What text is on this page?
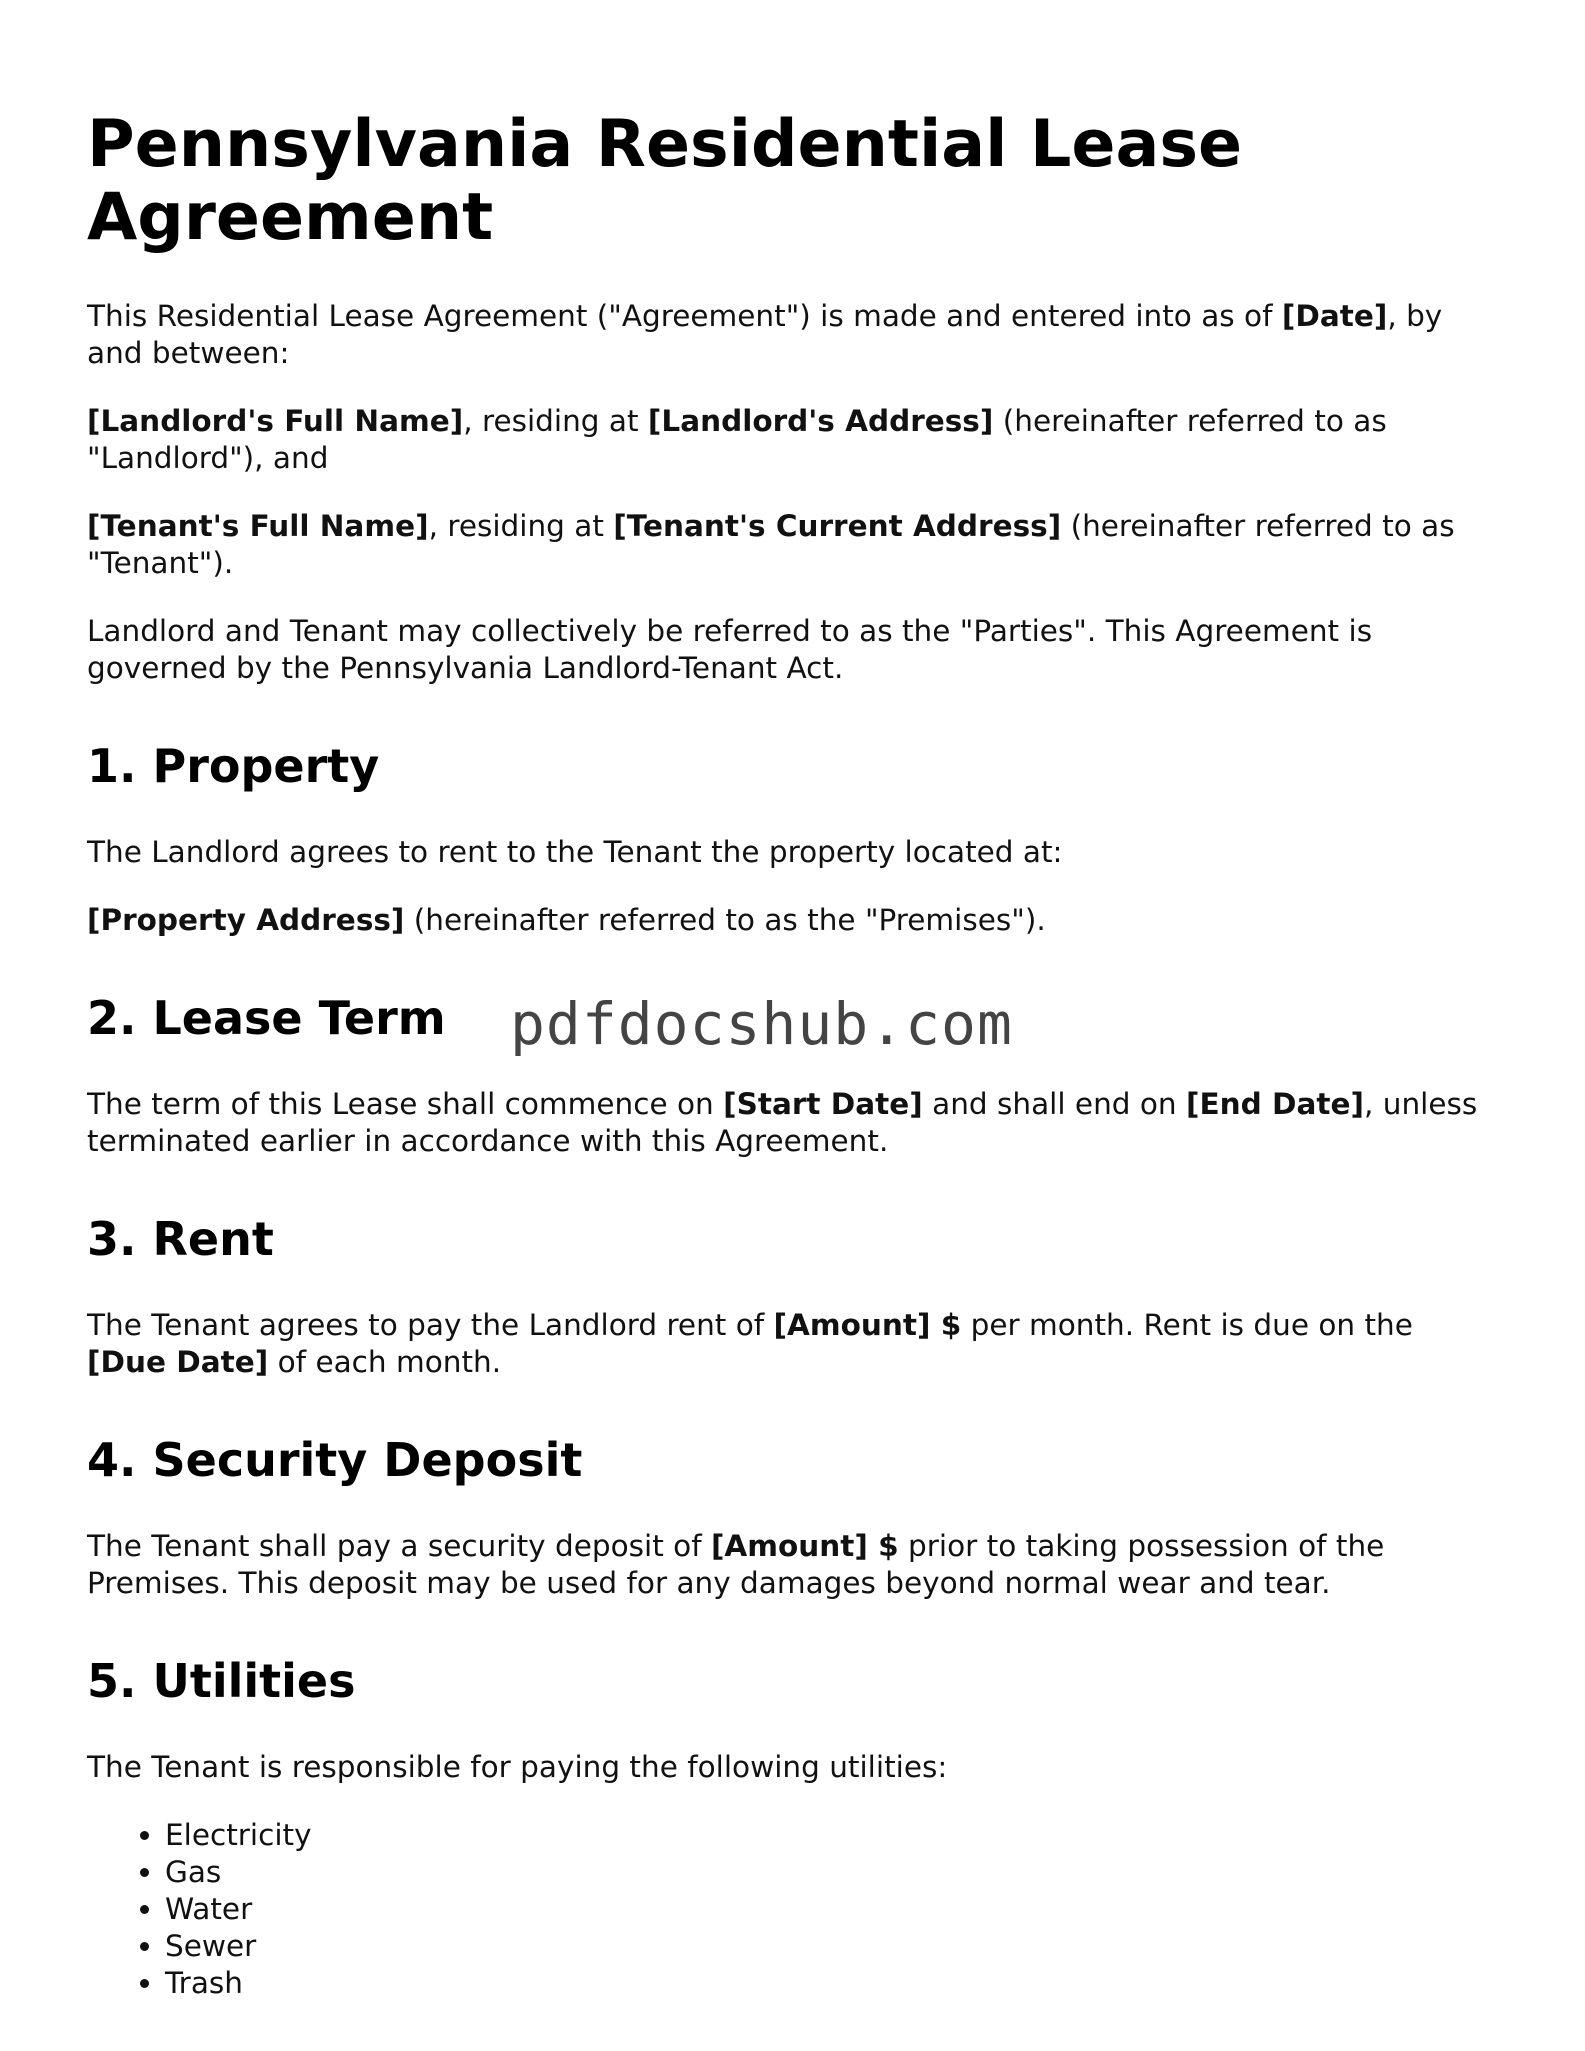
Pennsylvania Residential Lease Agreement

This Residential Lease Agreement ("Agreement") is made and entered into as of [Date], by and between:

[Landlord's Full Name], residing at [Landlord's Address] (hereinafter referred to as "Landlord"), and

[Tenant's Full Name], residing at [Tenant's Current Address] (hereinafter referred to as "Tenant").

Landlord and Tenant may collectively be referred to as the "Parties". This Agreement is governed by the Pennsylvania Landlord-Tenant Act.

1. Property

The Landlord agrees to rent to the Tenant the property located at:

[Property Address] (hereinafter referred to as the "Premises").

2. Lease Term

The term of this Lease shall commence on [Start Date] and shall end on [End Date], unless terminated earlier in accordance with this Agreement.

3. Rent

The Tenant agrees to pay the Landlord rent of [Amount] $ per month. Rent is due on the [Due Date] of each month.

4. Security Deposit

The Tenant shall pay a security deposit of [Amount] $ prior to taking possession of the Premises. This deposit may be used for any damages beyond normal wear and tear.

5. Utilities

The Tenant is responsible for paying the following utilities:

• Electricity
• Gas
• Water
• Sewer
• Trash
pdfdocshub.com
